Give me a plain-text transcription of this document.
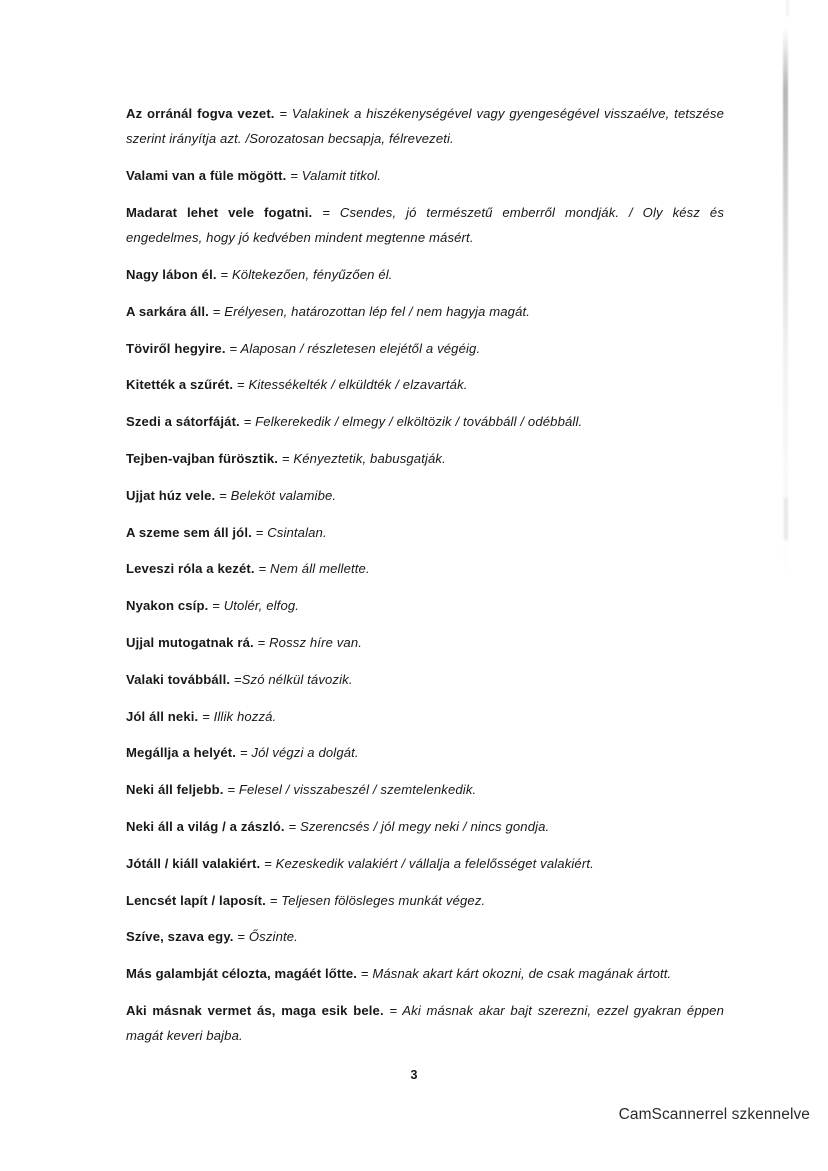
Az orránál fogva vezet. = Valakinek a hiszékenységével vagy gyengeségével visszaélve, tetszése szerint irányítja azt. /Sorozatosan becsapja, félrevezeti.

Valami van a füle mögött. = Valamit titkol.

Madarat lehet vele fogatni. = Csendes, jó természetű emberről mondják. / Oly kész és engedelmes, hogy jó kedvében mindent megtenne másért.

Nagy lábon él. = Költekezően, fényűzően él.

A sarkára áll. = Erélyesen, határozottan lép fel / nem hagyja magát.

Töviről hegyire. = Alaposan / részletesen elejétől a végéig.

Kitették a szűrét. = Kitessékelték / elküldték / elzavarták.

Szedi a sátorfáját. = Felkerekedik / elmegy / elköltözik / továbbáll / odébbáll.

Tejben-vajban fürösztik. = Kényeztetik, babusgatják.

Ujjat húz vele. = Beleköt valamibe.

A szeme sem áll jól. = Csintalan.

Leveszi róla a kezét. = Nem áll mellette.

Nyakon csíp. = Utolér, elfog.

Ujjal mutogatnak rá. = Rossz híre van.

Valaki továbbáll. =Szó nélkül távozik.

Jól áll neki. = Illik hozzá.

Megállja a helyét. = Jól végzi a dolgát.

Neki áll feljebb. = Felesel / visszabeszél / szemtelenkedik.

Neki áll a világ / a zászló. = Szerencsés / jól megy neki / nincs gondja.

Jótáll / kiáll valakiért. = Kezeskedik valakiért / vállalja a felelősséget valakiért.

Lencsét lapít / laposít. = Teljesen fölösleges munkát végez.

Szíve, szava egy. = Őszinte.

Más galambját célozta, magáét lőtte. = Másnak akart kárt okozni, de csak magának ártott.

Aki másnak vermet ás, maga esik bele. = Aki másnak akar bajt szerezni, ezzel gyakran éppen magát keveri bajba.

3
CamScannerrel szkennelve
